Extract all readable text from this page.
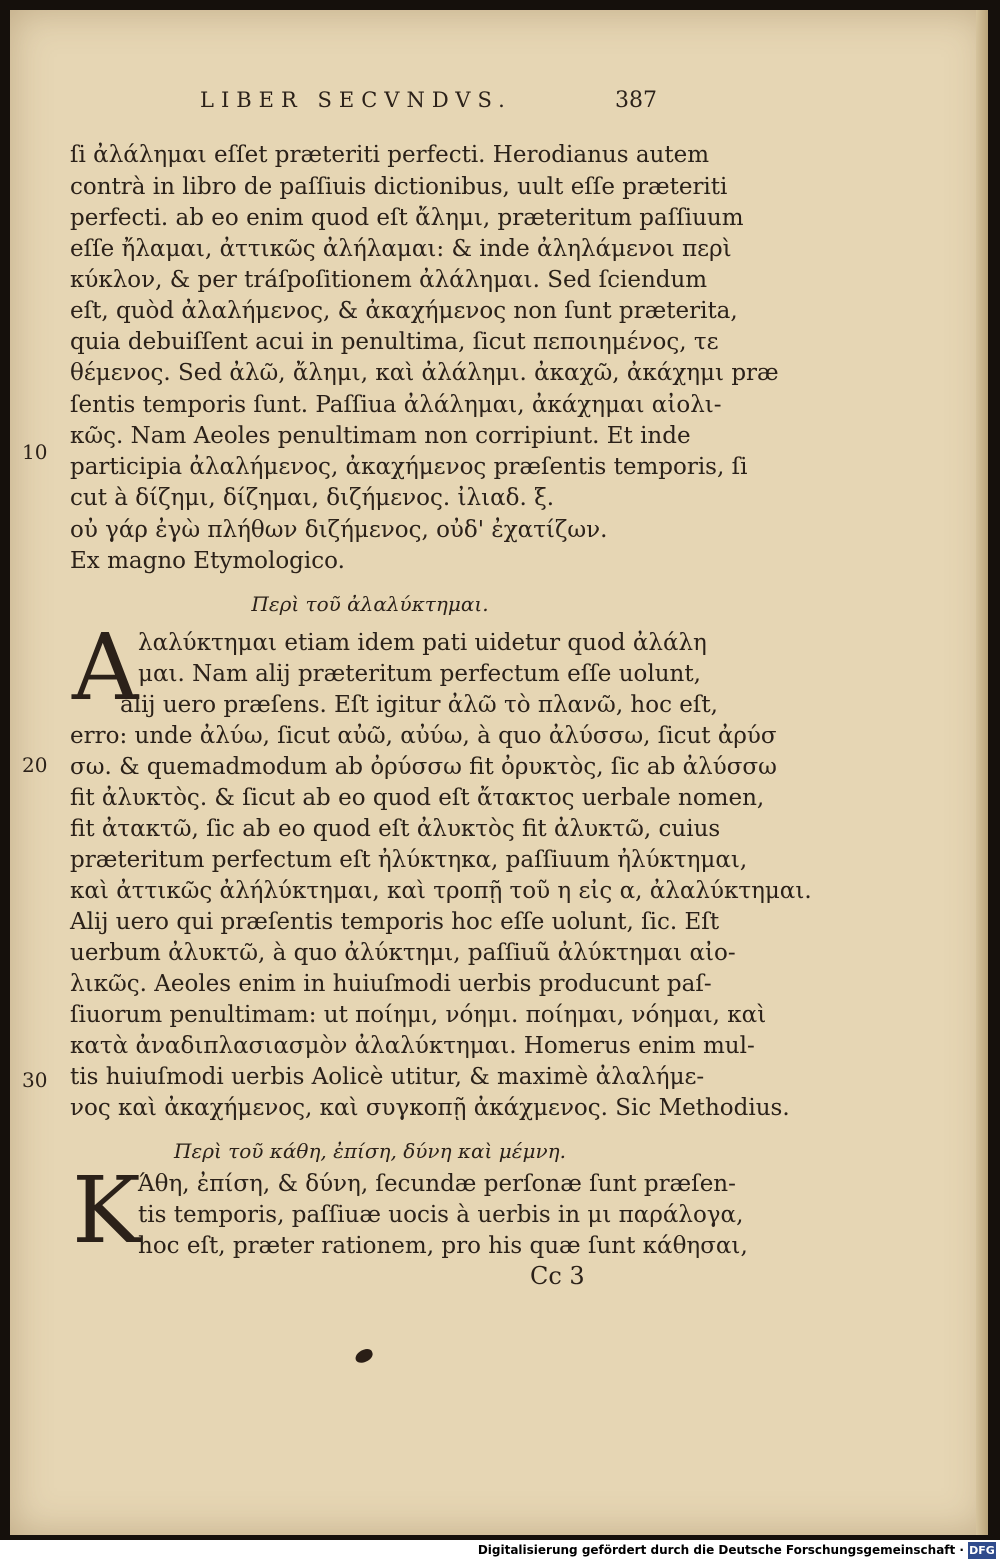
LIBER SECVNDVS.	387
10
20
30
ſi ἀλάλημαι eſſet præteriti perfecti. Herodianus autem
contrà in libro de paſſiuis dictionibus, uult eſſe præteriti
perfecti. ab eo enim quod eſt ἄλημι, præteritum paſſiuum
eſſe ἤλαμαι, ἀττικῶς ἀλήλαμαι: & inde ἀληλάμενοι περὶ
κύκλον, & per tráſpoſitionem ἀλάλημαι. Sed ſciendum
eſt, quòd ἀλαλήμενος, & ἀκαχήμενος non ſunt præterita,
quia debuiſſent acui in penultima, ſicut πεποιημένος, τε
θέμενος. Sed ἀλῶ, ἄλημι, καὶ ἀλάλημι. ἀκαχῶ, ἀκάχημι præ
ſentis temporis ſunt. Paſſiua ἀλάλημαι, ἀκάχημαι αἰολι-
κῶς. Nam Aeoles penultimam non corripiunt. Et inde
participia ἀλαλήμενος, ἀκαχήμενος præſentis temporis, ſi
cut à δίζημι, δίζημαι, διζήμενος. ἰλιαδ. ξ.
οὐ γάρ ἐγὼ πλήθων διζήμενος, οὐδ' ἐχατίζων.
Ex magno Etymologico.
Περὶ τοῦ ἀλαλύκτημαι.
A λαλύκτημαι etiam idem pati uidetur quod ἀλάλη
μαι. Nam alij præteritum perfectum eſſe uolunt,
alij uero præſens. Eſt igitur ἀλῶ τὸ πλανῶ, hoc eſt,
erro: unde ἀλύω, ſicut αὐῶ, αὐύω, à quo ἀλύσσω, ſicut ἀρύσ
σω. & quemadmodum ab ὀρύσσω fit ὀρυκτὸς, ſic ab ἀλύσσω
fit ἀλυκτὸς. & ſicut ab eo quod eſt ἄτακτος uerbale nomen,
fit ἀτακτῶ, ſic ab eo quod eſt ἀλυκτὸς fit ἀλυκτῶ, cuius
præteritum perfectum eſt ἠλύκτηκα, paſſiuum ἠλύκτημαι,
καὶ ἀττικῶς ἀλήλύκτημαι, καὶ τροπῇ τοῦ η εἰς α, ἀλαλύκτημαι.
Alij uero qui præſentis temporis hoc eſſe uolunt, ſic. Eſt
uerbum ἀλυκτῶ, à quo ἀλύκτημι, paſſiuũ ἀλύκτημαι αἰο-
λικῶς. Aeoles enim in huiuſmodi uerbis producunt paſ-
ſiuorum penultimam: ut ποίημι, νόημι. ποίημαι, νόημαι, καὶ
κατὰ ἀναδιπλασιασμὸν ἀλαλύκτημαι. Homerus enim mul-
tis huiuſmodi uerbis Aolicè utitur, & maximè ἀλαλήμε-
νος καὶ ἀκαχήμενος, καὶ συγκοπῇ ἀκάχμενος. Sic Methodius.
Περὶ τοῦ κάθη, ἐπίση, δύνη καὶ μέμνη.
K
Άθη, ἐπίση, & δύνη, ſecundæ perſonæ ſunt præſen-
tis temporis, paſſiuæ uocis à uerbis in μι παράλογα,
hoc eſt, præter rationem, pro his quæ ſunt κάθησαι,
Cc 3
Digitalisierung gefördert durch die Deutsche Forschungsgemeinschaft · DFG
